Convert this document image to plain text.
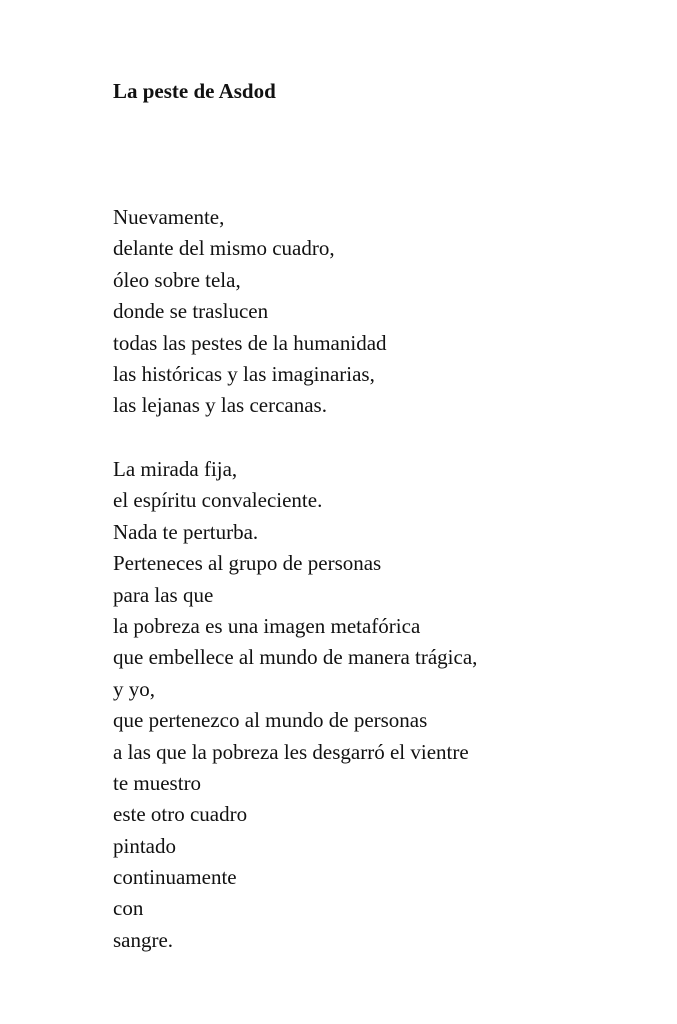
La peste de Asdod
Nuevamente,
delante del mismo cuadro,
óleo sobre tela,
donde se traslucen
todas las pestes de la humanidad
las históricas y las imaginarias,
las lejanas y las cercanas.
La mirada fija,
el espíritu convaleciente.
Nada te perturba.
Perteneces al grupo de personas
para las que
la pobreza es una imagen metafórica
que embellece al mundo de manera trágica,
y yo,
que pertenezco al mundo de personas
a las que la pobreza les desgarró el vientre
te muestro
este otro cuadro
pintado
continuamente
con
sangre.
